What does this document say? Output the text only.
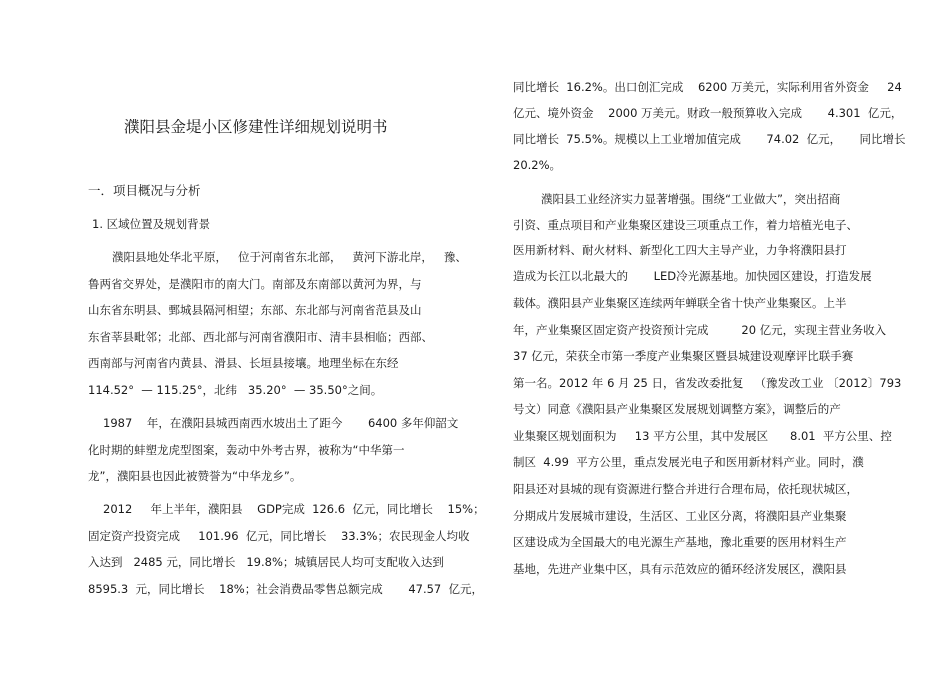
濮阳县金堤小区修建性详细规划说明书
一．项目概况与分析
1. 区域位置及规划背景
濮阳县地处华北平原，   位于河南省东北部，   黄河下游北岸，   豫、
鲁两省交界处，是濮阳市的南大门。南部及东南部以黄河为界，与
山东省东明县、鄄城县隔河相望；东部、东北部与河南省范县及山
东省莘县毗邻；北部、西北部与河南省濮阳市、清丰县相临；西部、
西南部与河南省内黄县、滑县、长垣县接壤。地理坐标在东经
114.52°  — 115.25°，北纬   35.20°  — 35.50°之间。
1987    年，在濮阳县城西南西水坡出土了距今       6400 多年仰韶文
化时期的蚌塑龙虎型图案，轰动中外考古界，被称为“中华第一
龙”，濮阳县也因此被赞誉为“中华龙乡”。
2012     年上半年，濮阳县    GDP完成  126.6  亿元，同比增长    15%；
固定资产投资完成     101.96  亿元，同比增长    33.3%；农民现金人均收
入达到   2485 元，同比增长   19.8%；城镇居民人均可支配收入达到
8595.3  元，同比增长    18%；社会消费品零售总额完成       47.57  亿元，
同比增长  16.2%。出口创汇完成    6200 万美元，实际利用省外资金     24
亿元、境外资金    2000 万美元。财政一般预算收入完成       4.301  亿元，
同比增长  75.5%。规模以上工业增加值完成       74.02  亿元，     同比增长
20.2%。
濮阳县工业经济实力显著增强。围绕“工业做大”，突出招商
引资、重点项目和产业集聚区建设三项重点工作，着力培植光电子、
医用新材料、耐火材料、新型化工四大主导产业，力争将濮阳县打
造成为长江以北最大的       LED冷光源基地。加快园区建设，打造发展
载体。濮阳县产业集聚区连续两年蝉联全省十快产业集聚区。上半
年，产业集聚区固定资产投资预计完成         20 亿元，实现主营业务收入
37 亿元，荣获全市第一季度产业集聚区暨县城建设观摩评比联手赛
第一名。2012 年 6 月 25 日，省发改委批复   （豫发改工业 〔2012〕793
号文）同意《濮阳县产业集聚区发展规划调整方案》，调整后的产
业集聚区规划面积为     13 平方公里，其中发展区      8.01  平方公里、控
制区  4.99  平方公里，重点发展光电子和医用新材料产业。同时，濮
阳县还对县城的现有资源进行整合并进行合理布局，依托现状城区，
分期成片发展城市建设，生活区、工业区分离，将濮阳县产业集聚
区建设成为全国最大的电光源生产基地，豫北重要的医用材料生产
基地，先进产业集中区，具有示范效应的循环经济发展区，濮阳县
